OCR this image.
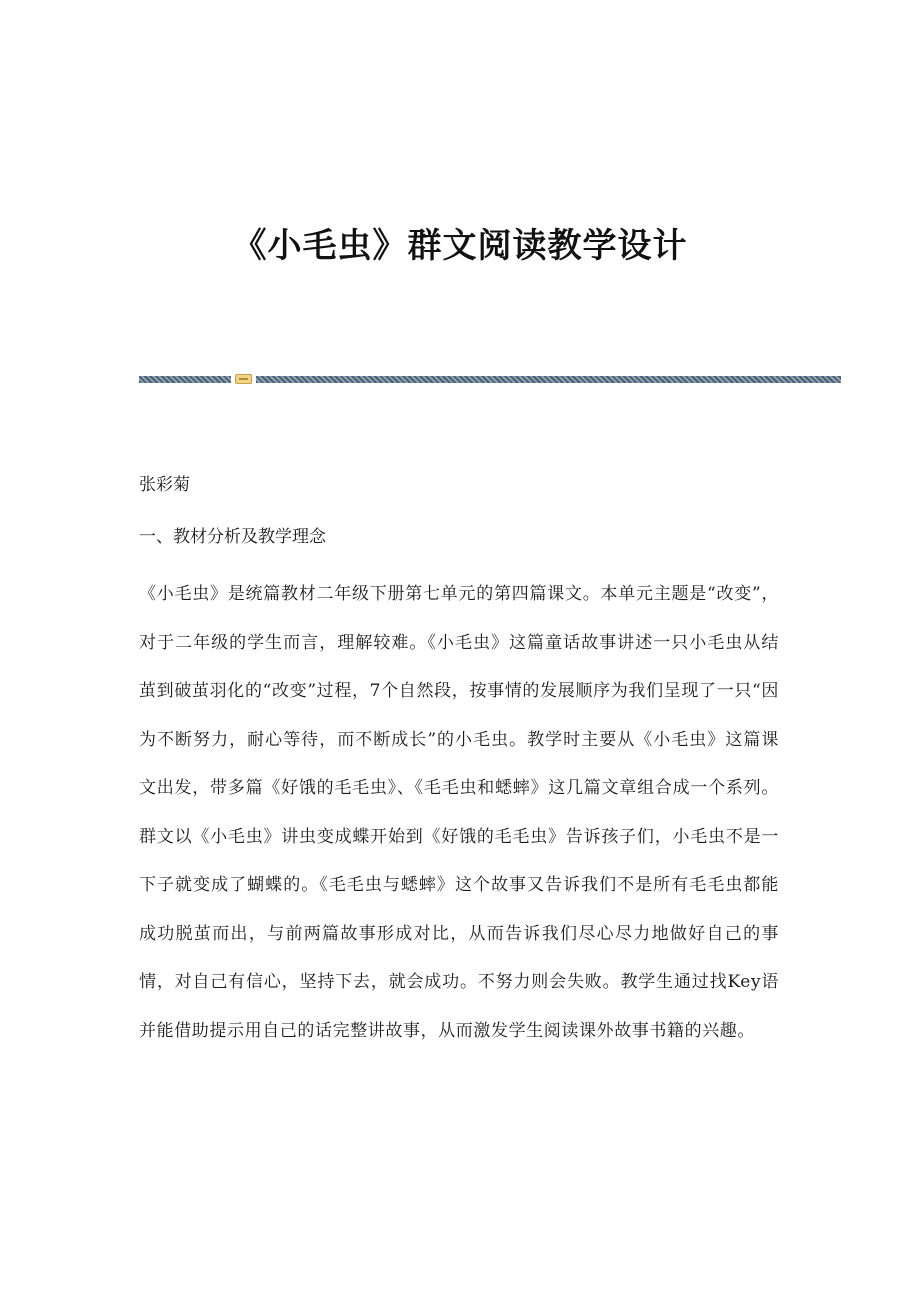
《小毛虫》群文阅读教学设计

张彩菊

一、教材分析及教学理念

《小毛虫》是统篇教材二年级下册第七单元的第四篇课文。本单元主题是“改变”，对于二年级的学生而言，理解较难。《小毛虫》这篇童话故事讲述一只小毛虫从结茧到破茧羽化的“改变”过程，7个自然段，按事情的发展顺序为我们呈现了一只“因为不断努力，耐心等待，而不断成长”的小毛虫。教学时主要从《小毛虫》这篇课文出发，带多篇《好饿的毛毛虫》、《毛毛虫和蟋蟀》这几篇文章组合成一个系列。群文以《小毛虫》讲虫变成蝶开始到《好饿的毛毛虫》告诉孩子们，小毛虫不是一下子就变成了蝴蝶的。《毛毛虫与蟋蟀》这个故事又告诉我们不是所有毛毛虫都能成功脱茧而出，与前两篇故事形成对比，从而告诉我们尽心尽力地做好自己的事情，对自己有信心，坚持下去，就会成功。不努力则会失败。教学生通过找Key语并能借助提示用自己的话完整讲故事，从而激发学生阅读课外故事书籍的兴趣。
